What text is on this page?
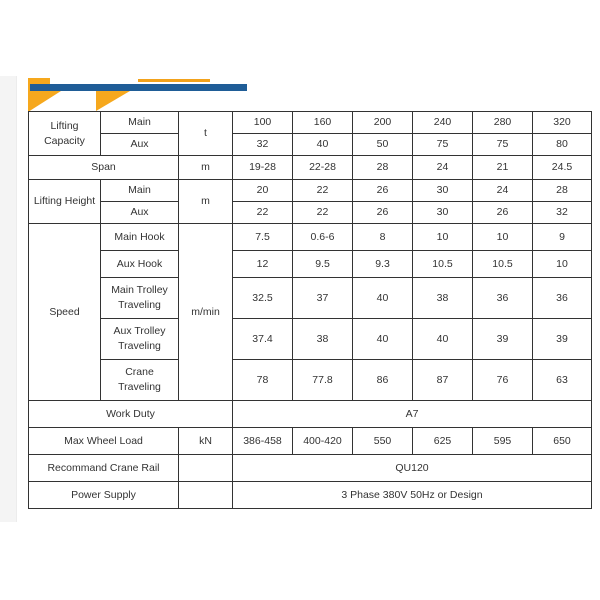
Lifting Capacity	Main	t	100	160	200	240	280	320
	Aux		32	40	50	75	75	80
Span		m	19-28	22-28	28	24	21	24.5
Lifting Height	Main	m	20	22	26	30	24	28
	Aux		22	22	26	30	26	32
Speed	Main Hook	m/min	7.5	0.6-6	8	10	10	9
	Aux Hook		12	9.5	9.3	10.5	10.5	10
	Main Trolley Traveling		32.5	37	40	38	36	36
	Aux Trolley Traveling		37.4	38	40	40	39	39
	Crane Traveling		78	77.8	86	87	76	63
Work Duty			A7					
Max Wheel Load		kN	386-458	400-420	550	625	595	650
Recommand Crane Rail			QU120					
Power Supply			3 Phase 380V 50Hz or Design					
